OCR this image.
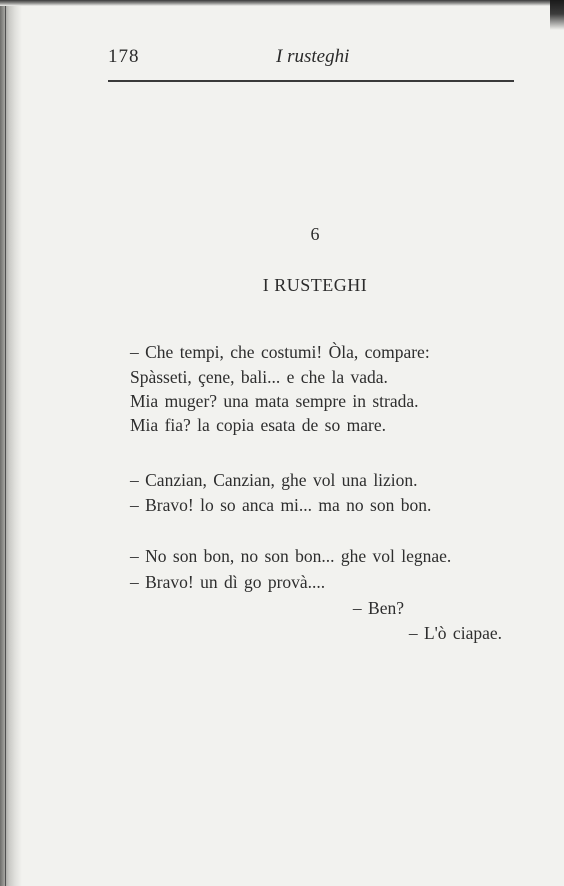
178	I rusteghi
6
I RUSTEGHI
– Che tempi, che costumi! Òla, compare:
Spàsseti, çene, bali... e che la vada.
Mia muger? una mata sempre in strada.
Mia fia? la copia esata de so mare.
– Canzian, Canzian, ghe vol una lizion.
– Bravo! lo so anca mi... ma no son bon.
– No son bon, no son bon... ghe vol legnae.
– Bravo! un dì go provà....
– Ben?
– L'ò ciapae.
